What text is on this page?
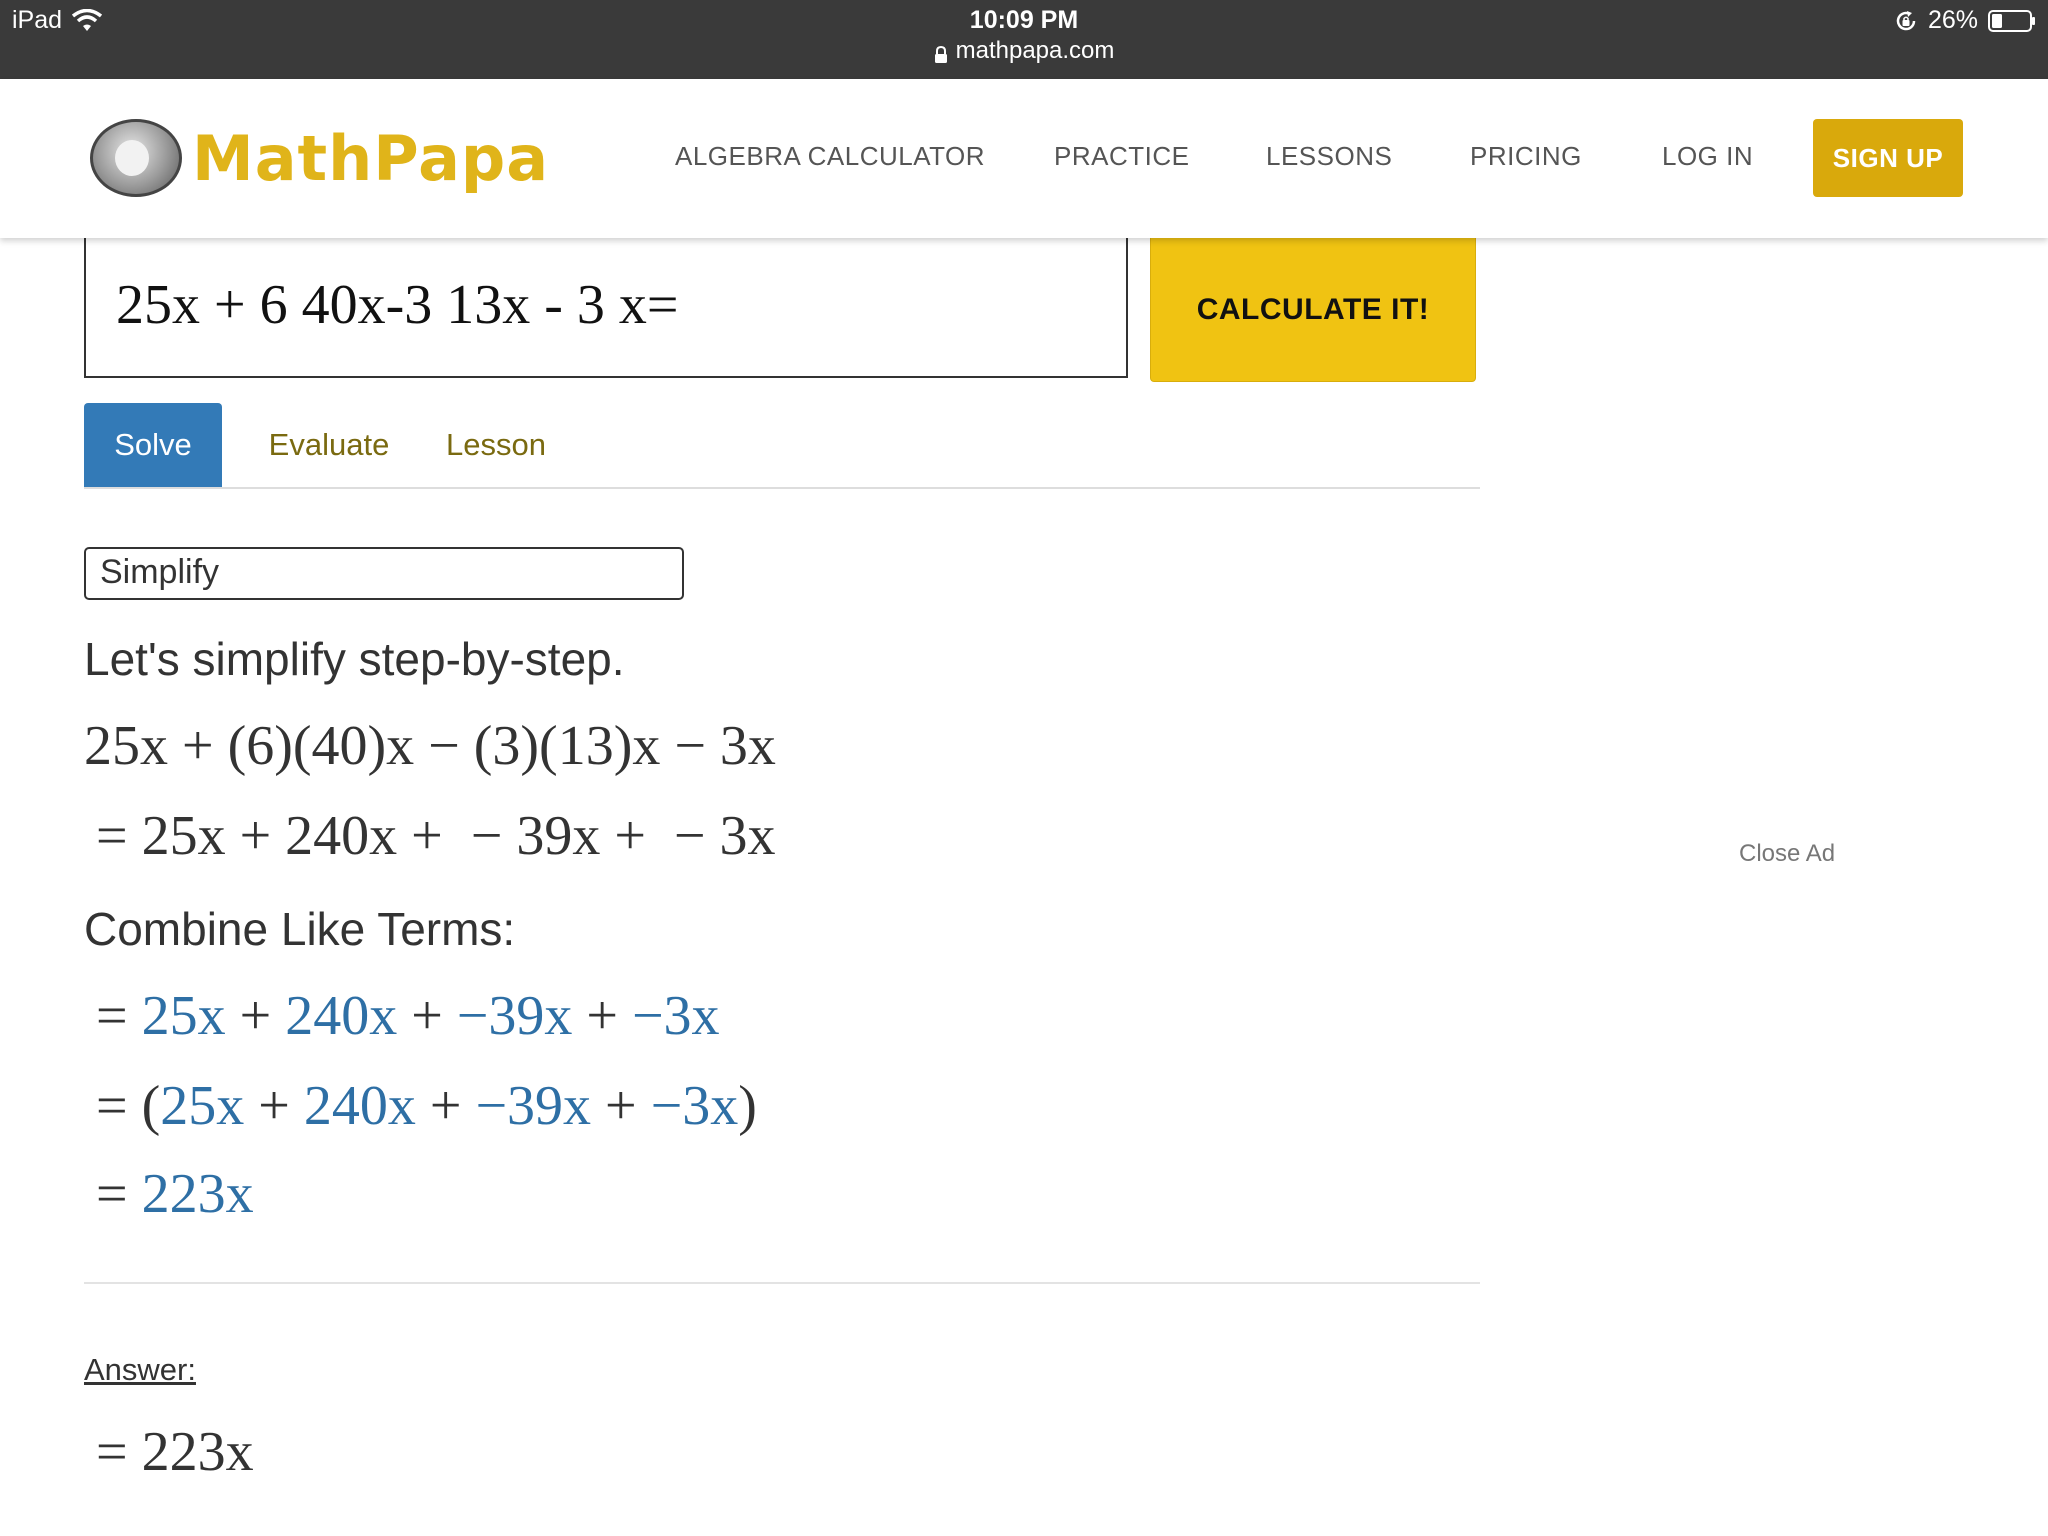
iPad	10:09 PM
mathpapa.com
26%
MathPapa	ALGEBRA CALCULATOR	PRACTICE	LESSONS	PRICING	LOG IN	SIGN UP
25x + 6 40x-3 13x - 3 x=	CALCULATE IT!
Solve	Evaluate	Lesson
Simplify
Let's simplify step-by-step.
25x + (6)(40)x − (3)(13)x − 3x
= 25x + 240x +  − 39x +  − 3x
Combine Like Terms:
= 25x + 240x + −39x + −3x
= (25x + 240x + −39x + −3x)
= 223x
Answer:
= 223x
Close Ad
